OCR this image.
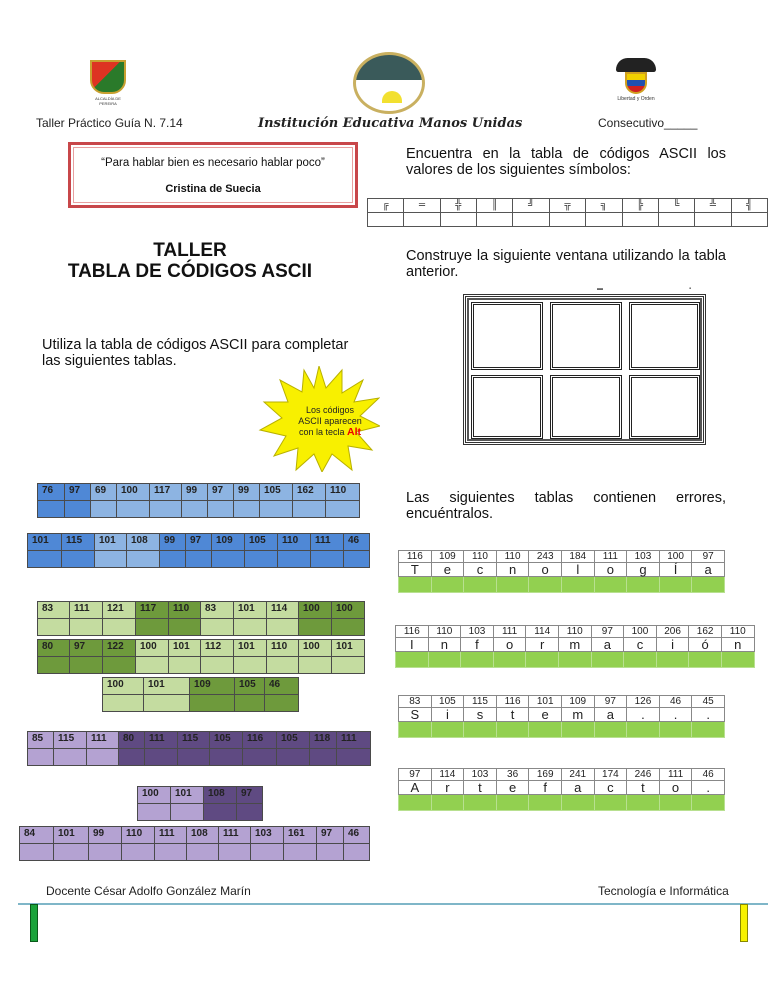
ALCALDÍA DE PEREIRA
Libertad y Orden
Taller Práctico Guía N. 7.14	Institución Educativa Manos Unidas	Consecutivo_____
“Para hablar bien es necesario hablar poco”
Cristina de Suecia
Encuentra en la tabla de códigos ASCII los valores de los siguientes símbolos:
╔	═	╬	║	╝	╦	╗	╠	╚	╩	╣

TALLER
TABLA DE CÓDIGOS ASCII
Construye la siguiente ventana utilizando la tabla anterior.
▬	▪
Utiliza la tabla de códigos ASCII para completar las siguientes tablas.
Los códigos
ASCII aparecen
con la tecla Alt
76	97	69	100	117	99	97	99	105	162	110

101	115	101	108	99	97	109	105	110	111	46

83	111	121	117	110	83	101	114	100	100

80	97	122	100	101	112	101	110	100	101

100	101	109	105	46

85	115	111	80	111	115	105	116	105	118	111

100	101	108	97

84	101	99	110	111	108	111	103	161	97	46

Las siguientes tablas contienen errores, encuéntralos.
116	109	110	110	243	184	111	103	100	97
T	e	c	n	o	l	o	g	Í	a

116	110	103	111	114	110	97	100	206	162	110
I	n	f	o	r	m	a	c	i	ó	n

83	105	115	116	101	109	97	126	46	45
S	i	s	t	e	m	a	.	.	.

97	114	103	36	169	241	174	246	111	46
A	r	t	e	f	a	c	t	o	.

Docente César Adolfo González Marín	Tecnología e Informática
